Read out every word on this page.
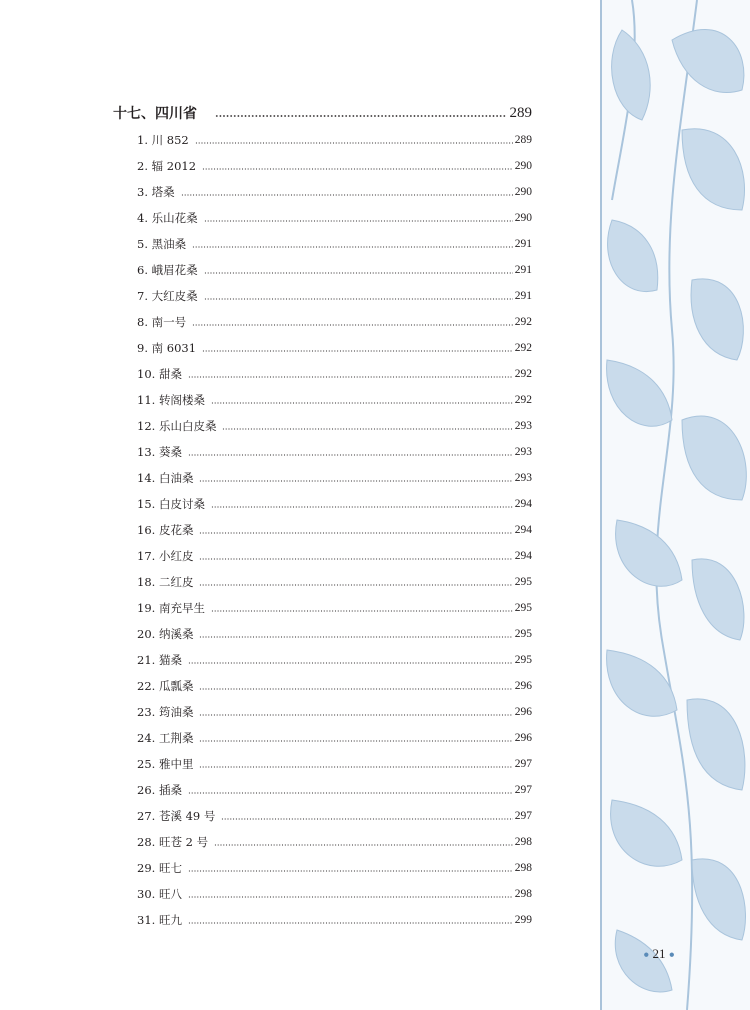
十七、四川省	289
1. 川 852	289
2. 辐 2012	290
3. 塔桑	290
4. 乐山花桑	290
5. 黑油桑	291
6. 峨眉花桑	291
7. 大红皮桑	291
8. 南一号	292
9. 南 6031	292
10. 甜桑	292
11. 转阁楼桑	292
12. 乐山白皮桑	293
13. 葵桑	293
14. 白油桑	293
15. 白皮讨桑	294
16. 皮花桑	294
17. 小红皮	294
18. 二红皮	295
19. 南充早生	295
20. 纳溪桑	295
21. 猫桑	295
22. 瓜瓢桑	296
23. 筠油桑	296
24. 工荆桑	296
25. 雅中里	297
26. 插桑	297
27. 苍溪 49 号	297
28. 旺苍 2 号	298
29. 旺七	298
30. 旺八	298
31. 旺九	299
● 21 ●
